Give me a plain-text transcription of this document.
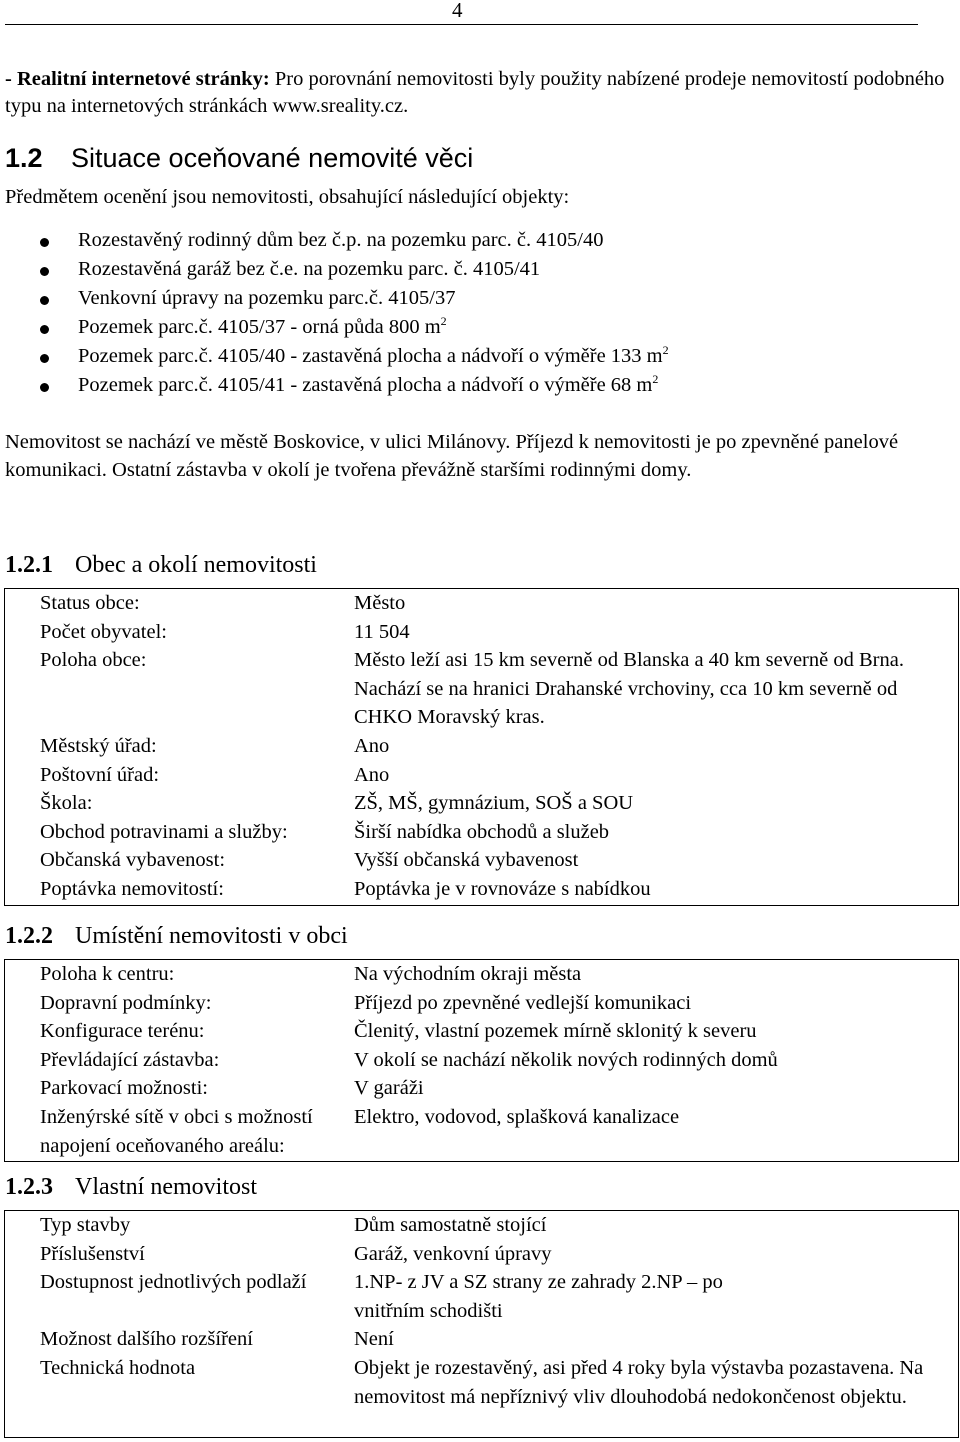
4
- Realitní internetové stránky: Pro porovnání nemovitosti byly použity nabízené prodeje nemovitostí podobného typu na internetových stránkách www.sreality.cz.
1.2 Situace oceňované nemovité věci
Předmětem ocenění jsou nemovitosti, obsahující následující objekty:
Rozestavěný rodinný dům bez č.p. na pozemku parc. č. 4105/40
Rozestavěná garáž bez č.e. na pozemku parc. č. 4105/41
Venkovní úpravy na pozemku parc.č. 4105/37
Pozemek parc.č. 4105/37 - orná půda 800 $m^2$
Pozemek parc.č. 4105/40 - zastavěná plocha a nádvoří o výměře 133 $m^2$
Pozemek parc.č. 4105/41 - zastavěná plocha a nádvoří o výměře 68 $m^2$
Nemovitost se nachází ve městě Boskovice, v ulici Milánovy. Příjezd k nemovitosti je po zpevněné panelové komunikaci. Ostatní zástavba v okolí je tvořena převážně staršími rodinnými domy.
1.2.1 Obec a okolí nemovitosti
Status obce:	Město
Počet obyvatel:	11 504
Poloha obce:	Město leží asi 15 km severně od Blanska a 40 km severně od Brna. Nachází se na hranici Drahanské vrchoviny, cca 10 km severně od CHKO Moravský kras.
Městský úřad:	Ano
Poštovní úřad:	Ano
Škola:	ZŠ, MŠ, gymnázium, SOŠ a SOU
Obchod potravinami a služby:	Širší nabídka obchodů a služeb
Občanská vybavenost:	Vyšší občanská vybavenost
Poptávka nemovitostí:	Poptávka je v rovnováze s nabídkou
1.2.2 Umístění nemovitosti v obci
Poloha k centru:	Na východním okraji města
Dopravní podmínky:	Příjezd po zpevněné vedlejší komunikaci
Konfigurace terénu:	Členitý, vlastní pozemek mírně sklonitý k severu
Převládající zástavba:	V okolí se nachází několik nových rodinných domů
Parkovací možnosti:	V garáži
Inženýrské sítě v obci s možností napojení oceňovaného areálu:
Elektro, vodovod, splašková kanalizace
1.2.3 Vlastní nemovitost
Typ stavby	Dům samostatně stojící
Příslušenství	Garáž, venkovní úpravy
Dostupnost jednotlivých podlaží	1.NP- z JV a SZ strany ze zahrady 2.NP – po vnitřním schodišti
Možnost dalšího rozšíření	Není
Technická hodnota	Objekt je rozestavěný, asi před 4 roky byla výstavba pozastavena. Na nemovitost má nepříznivý vliv dlouhodobá nedokončenost objektu.
